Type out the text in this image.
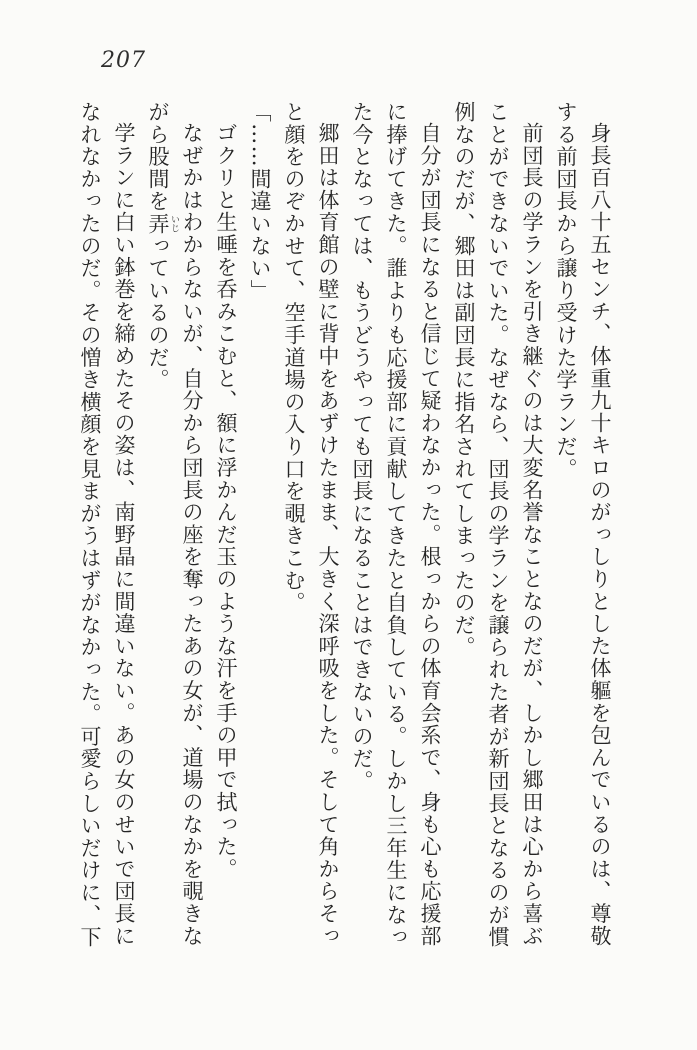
207

身長百八十五センチ、体重九十キロのがっしりとした体軀を包んでいるのは、尊敬する前団長から譲り受けた学ランだ。

前団長の学ランを引き継ぐのは大変名誉なことなのだが、しかし郷田は心から喜ぶことができないでいた。なぜなら、団長の学ランを譲られた者が新団長となるのが慣例なのだが、郷田は副団長に指名されてしまったのだ。

自分が団長になると信じて疑わなかった。根っからの体育会系で、身も心も応援部に捧げてきた。誰よりも応援部に貢献してきたと自負している。しかし三年生になった今となっては、もうどうやっても団長になることはできないのだ。

郷田は体育館の壁に背中をあずけたまま、大きく深呼吸をした。そして角からそっと顔をのぞかせて、空手道場の入り口を覗きこむ。

「……間違いない」

ゴクリと生唾を呑みこむと、額に浮かんだ玉のような汗を手の甲で拭った。

なぜかはわからないが、自分から団長の座を奪ったあの女が、道場のなかを覗きながら股間を弄 いじっているのだ。

学ランに白い鉢巻を締めたその姿は、南野晶に間違いない。あの女のせいで団長になれなかったのだ。その憎き横顔を見まがうはずがなかった。可愛らしいだけに、下
